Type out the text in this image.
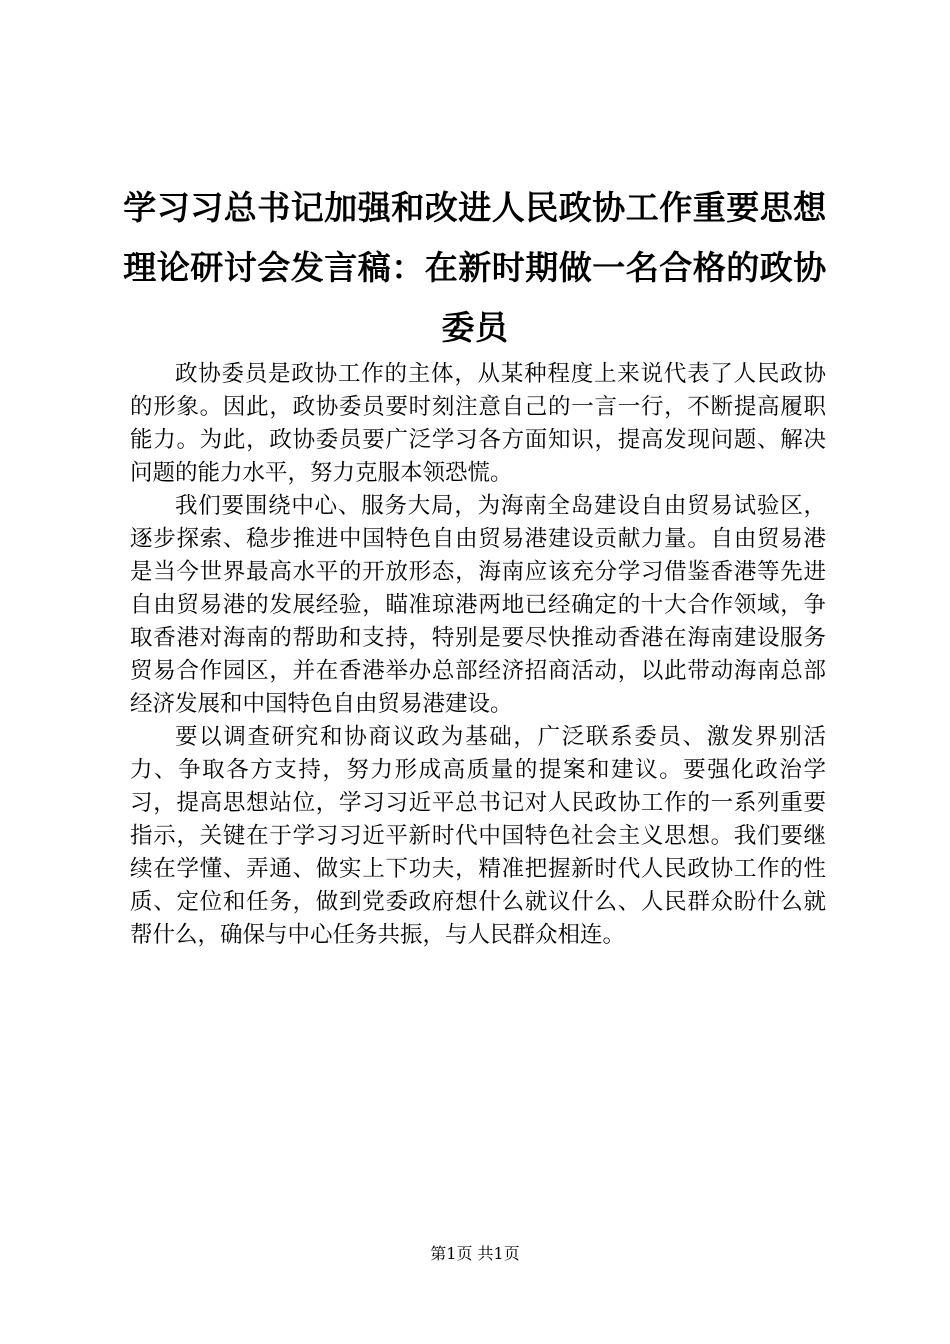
学习习总书记加强和改进人民政协工作重要思想理论研讨会发言稿：在新时期做一名合格的政协委员

政协委员是政协工作的主体，从某种程度上来说代表了人民政协的形象。因此，政协委员要时刻注意自己的一言一行，不断提高履职能力。为此，政协委员要广泛学习各方面知识，提高发现问题、解决问题的能力水平，努力克服本领恐慌。

我们要围绕中心、服务大局，为海南全岛建设自由贸易试验区，逐步探索、稳步推进中国特色自由贸易港建设贡献力量。自由贸易港是当今世界最高水平的开放形态，海南应该充分学习借鉴香港等先进自由贸易港的发展经验，瞄准琼港两地已经确定的十大合作领域，争取香港对海南的帮助和支持，特别是要尽快推动香港在海南建设服务贸易合作园区，并在香港举办总部经济招商活动，以此带动海南总部经济发展和中国特色自由贸易港建设。

要以调查研究和协商议政为基础，广泛联系委员、激发界别活力、争取各方支持，努力形成高质量的提案和建议。要强化政治学习，提高思想站位，学习习近平总书记对人民政协工作的一系列重要指示，关键在于学习习近平新时代中国特色社会主义思想。我们要继续在学懂、弄通、做实上下功夫，精准把握新时代人民政协工作的性质、定位和任务，做到党委政府想什么就议什么、人民群众盼什么就帮什么，确保与中心任务共振，与人民群众相连。

第1页 共1页
